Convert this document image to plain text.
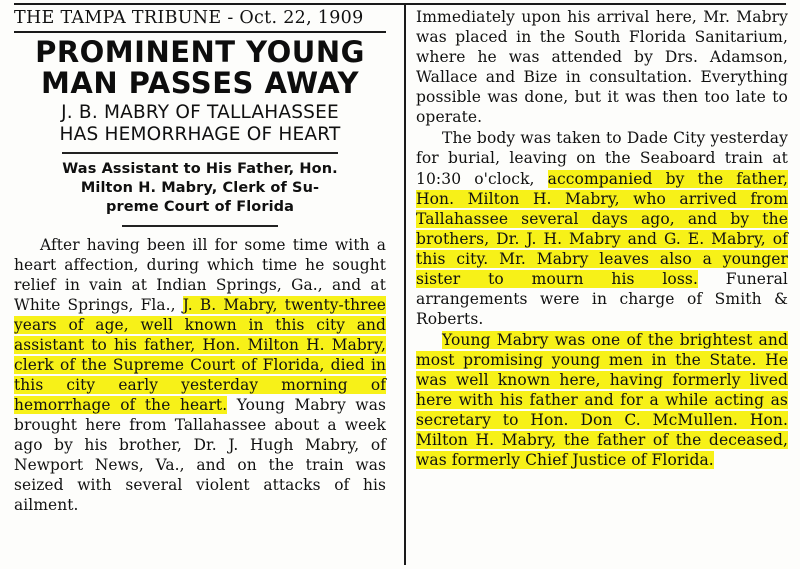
THE TAMPA TRIBUNE - Oct. 22, 1909
PROMINENT YOUNG
MAN PASSES AWAY
J. B. MABRY OF TALLAHASSEE
HAS HEMORRHAGE OF HEART
Was Assistant to His Father, Hon.
Milton H. Mabry, Clerk of Su-
preme Court of Florida

After having been ill for some time with a heart affection, during which time he sought relief in vain at Indian Springs, Ga., and at White Springs, Fla., J. B. Mabry, twenty-three years of age, well known in this city and assistant to his father, Hon. Milton H. Mabry, clerk of the Supreme Court of Florida, died in this city early yesterday morning of hemorrhage of the heart. Young Mabry was brought here from Tallahassee about a week ago by his brother, Dr. J. Hugh Mabry, of Newport News, Va., and on the train was seized with several violent attacks of his ailment.

Immediately upon his arrival here, Mr. Mabry was placed in the South Florida Sanitarium, where he was attended by Drs. Adamson, Wallace and Bize in consultation. Everything possible was done, but it was then too late to operate.

The body was taken to Dade City yesterday for burial, leaving on the Seaboard train at 10:30 o'clock, accompanied by the father, Hon. Milton H. Mabry, who arrived from Tallahassee several days ago, and by the brothers, Dr. J. H. Mabry and G. E. Mabry, of this city. Mr. Mabry leaves also a younger sister to mourn his loss. Funeral arrangements were in charge of Smith & Roberts.

Young Mabry was one of the brightest and most promising young men in the State. He was well known here, having formerly lived here with his father and for a while acting as secretary to Hon. Don C. McMullen. Hon. Milton H. Mabry, the father of the deceased, was formerly Chief Justice of Florida.
